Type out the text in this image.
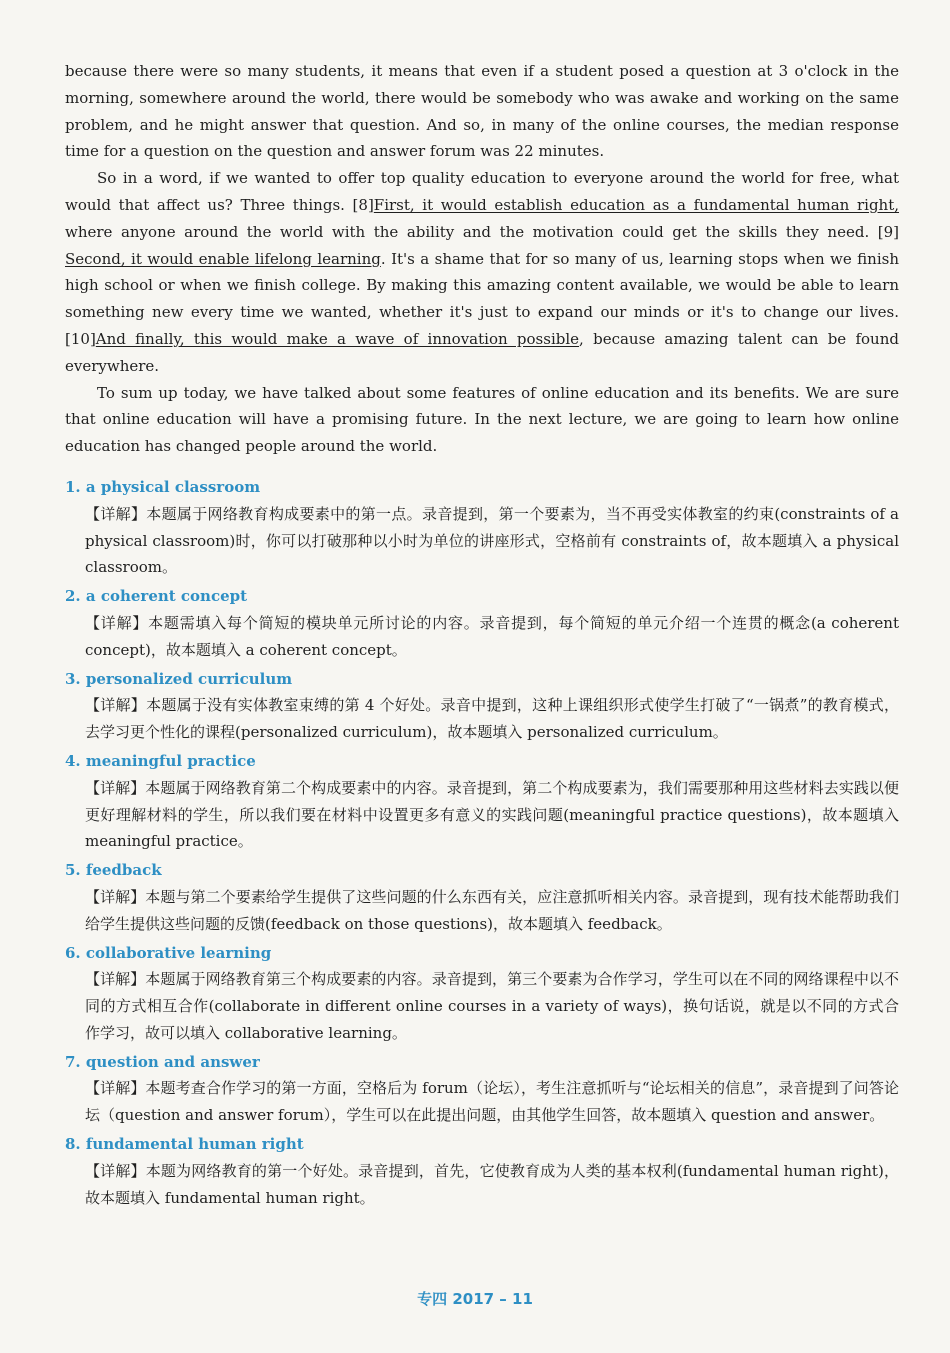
because there were so many students, it means that even if a student posed a question at 3 o'clock in the morning, somewhere around the world, there would be somebody who was awake and working on the same problem, and he might answer that question. And so, in many of the online courses, the median response time for a question on the question and answer forum was 22 minutes.

So in a word, if we wanted to offer top quality education to everyone around the world for free, what would that affect us? Three things. [8]First, it would establish education as a fundamental human right, where anyone around the world with the ability and the motivation could get the skills they need. [9] Second, it would enable lifelong learning. It's a shame that for so many of us, learning stops when we finish high school or when we finish college. By making this amazing content available, we would be able to learn something new every time we wanted, whether it's just to expand our minds or it's to change our lives. [10]And finally, this would make a wave of innovation possible, because amazing talent can be found everywhere.

To sum up today, we have talked about some features of online education and its benefits. We are sure that online education will have a promising future. In the next lecture, we are going to learn how online education has changed people around the world.

1. a physical classroom

【详解】本题属于网络教育构成要素中的第一点。录音提到，第一个要素为，当不再受实体教室的约束(constraints of a physical classroom)时，你可以打破那种以小时为单位的讲座形式，空格前有 constraints of，故本题填入 a physical classroom。

2. a coherent concept

【详解】本题需填入每个简短的模块单元所讨论的内容。录音提到，每个简短的单元介绍一个连贯的概念(a coherent concept)，故本题填入 a coherent concept。

3. personalized curriculum

【详解】本题属于没有实体教室束缚的第 4 个好处。录音中提到，这种上课组织形式使学生打破了“一锅煮”的教育模式，去学习更个性化的课程(personalized curriculum)，故本题填入 personalized curriculum。

4. meaningful practice

【详解】本题属于网络教育第二个构成要素中的内容。录音提到，第二个构成要素为，我们需要那种用这些材料去实践以便更好理解材料的学生，所以我们要在材料中设置更多有意义的实践问题(meaningful practice questions)，故本题填入 meaningful practice。

5. feedback

【详解】本题与第二个要素给学生提供了这些问题的什么东西有关，应注意抓听相关内容。录音提到，现有技术能帮助我们给学生提供这些问题的反馈(feedback on those questions)，故本题填入 feedback。

6. collaborative learning

【详解】本题属于网络教育第三个构成要素的内容。录音提到，第三个要素为合作学习，学生可以在不同的网络课程中以不同的方式相互合作(collaborate in different online courses in a variety of ways)，换句话说，就是以不同的方式合作学习，故可以填入 collaborative learning。

7. question and answer

【详解】本题考查合作学习的第一方面，空格后为 forum（论坛），考生注意抓听与“论坛相关的信息”，录音提到了问答论坛（question and answer forum），学生可以在此提出问题，由其他学生回答，故本题填入 question and answer。

8. fundamental human right

【详解】本题为网络教育的第一个好处。录音提到，首先，它使教育成为人类的基本权利(fundamental human right)，故本题填入 fundamental human right。

专四 2017 – 11
